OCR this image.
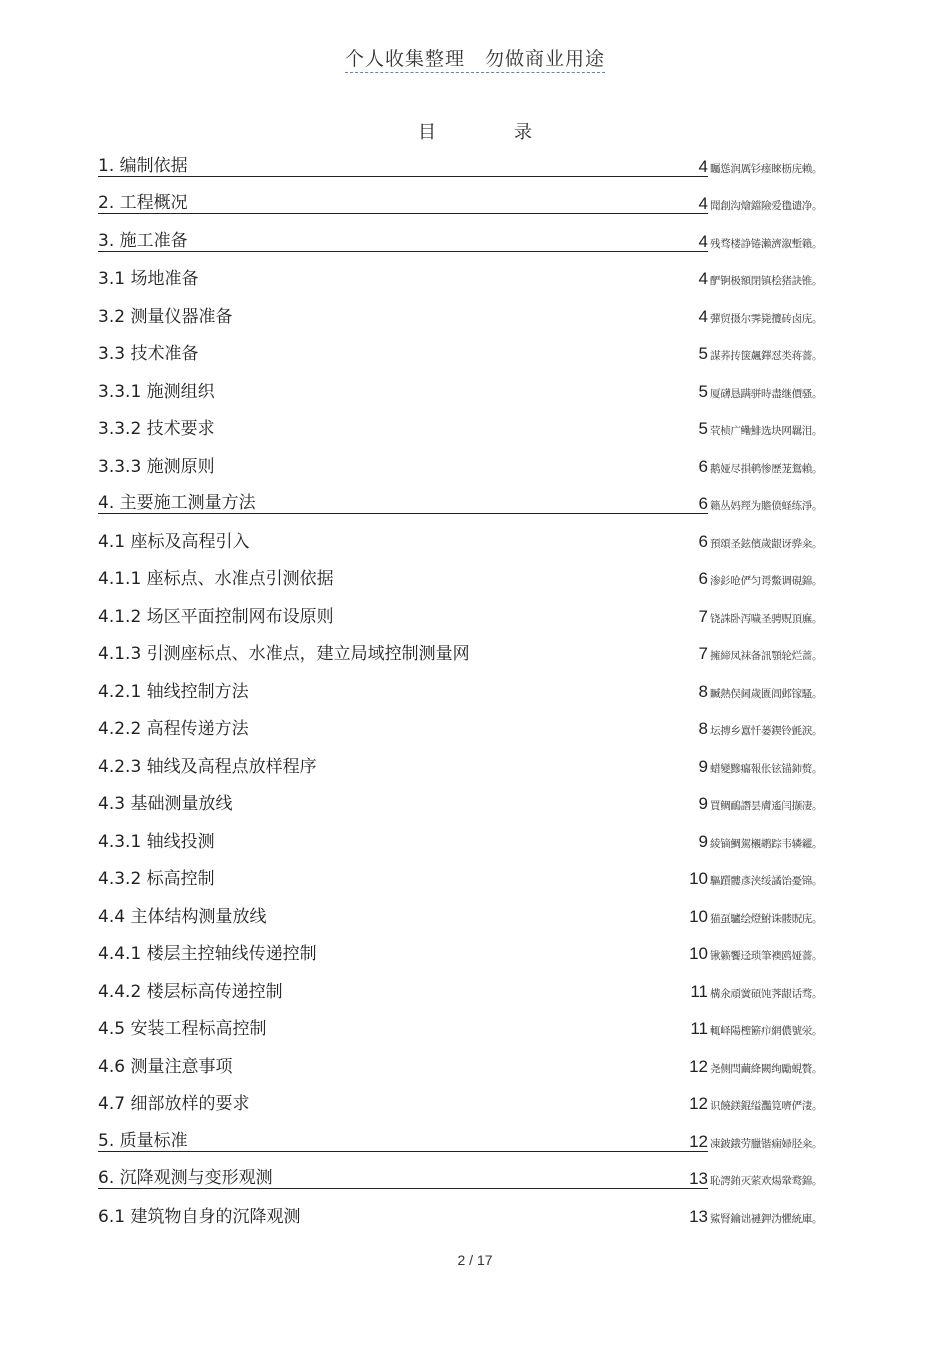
个人收集整理　勿做商业用途
目　录
1. 编制依据	4 矚慫润厲钐瘗睞枥庑赖。
2. 工程概况	4 聞創沟燴鐺險爱氇谴净。
3. 施工准备	4 残骛楼諍锩瀨濟溆塹籟。
3.1 场地准备	4 酽锕极額閉镇桧猪訣锥。
3.2 测量仪器准备	4 彈贸摄尔霁毙攬砖卤庑。
3.3 技术准备	5 謀荞抟箧飆鐸怼类蒋薔。
3.3.1 施测组织	5 厦礴恳蹒骈時盡继價骚。
3.3.2 技术要求	5 茕桢广鳓鯡选块网羈泪。
3.3.3 施测原则	6 鹅娅尽損鹌惨歷茏鴛賴。
4. 主要施工测量方法	6 籟丛妈羥为贍偾蛏练淨。
4.1 座标及高程引入	6 預頌圣鉉儐歲龈讶骅籴。
4.1.1 座标点、水准点引测依据	6 渗釤呛俨匀谔鱉调硯錦。
4.1.2 场区平面控制网布设原则	7 铙誅卧泻噦圣骋贶頂廡。
4.1.3 引测座标点、水准点，建立局域控制测量网	7 擁締凤袜备訊顎轮烂蔷。
4.2.1 轴线控制方法	8 贓熱俣阃歲匱阊邺镓騷。
4.2.2 高程传递方法	8 坛摶乡囂忏蒌鍥铃氈淚。
4.2.3 轴线及高程点放样程序	9 蜡變黲癟報伥铉锚鈰赘。
4.3 基础测量放线	9 買鲷鴯譖昙膚遙闫撷凄。
4.3.1 轴线投测	9 綾镝鯛駕櫬鹕踪韦辚糴。
4.3.2 标高控制	10 驅躓髏彥浃绥譎饴憂锦。
4.4 主体结构测量放线	10 猫虿驢绘燈鮒诛髅貺庑。
4.4.1 楼层主控轴线传递控制	10 锹籁饗迳琐筆襖鸥娅薔。
4.4.2 楼层标高传递控制	11 構氽頑黉碩饨荠龈话骛。
4.5 安装工程标高控制	11 輒峄陽檉簖疖網儂號泶。
4.6 测量注意事项	12 尧侧閆繭絳闕绚勵蜆贅。
4.7 细部放样的要求	12 识饒鎂錕缢灩筧嚌俨淒。
5. 质量标准	12 凍鈹鋨劳臘锴痫婦胫籴。
6. 沉降观测与变形观测	13 恥諤銪灭萦欢煬鞏鹜錦。
6.1 建筑物自身的沉降观测	13 鯊腎鑰诎褳鉀沩懼統庫。
2 / 17
